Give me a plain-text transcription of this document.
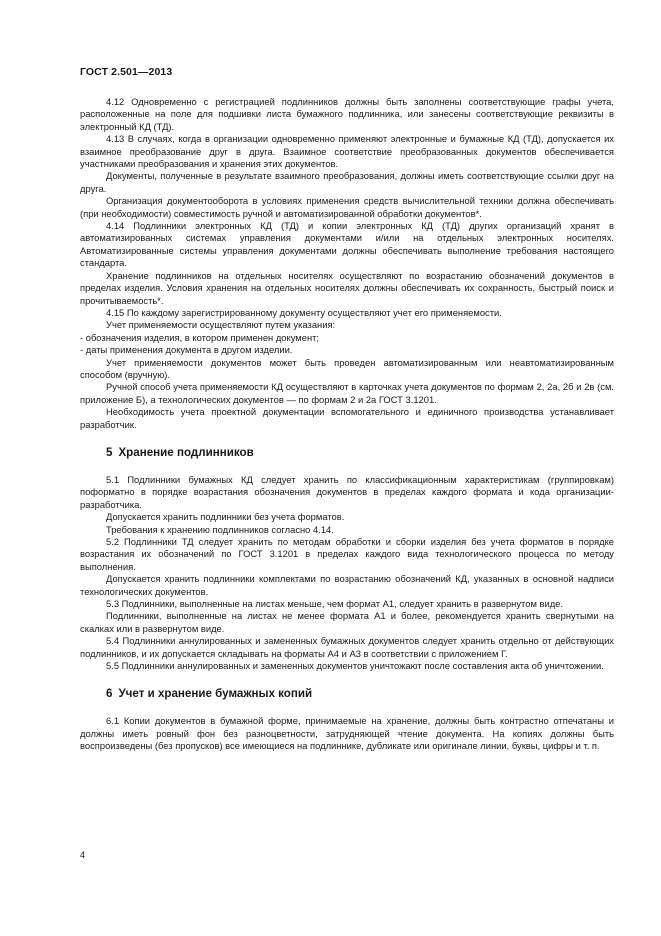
ГОСТ 2.501—2013

4.12 Одновременно с регистрацией подлинников должны быть заполнены соответствующие графы учета, расположенные на поле для подшивки листа бумажного подлинника, или занесены соответствующие реквизиты в электронный КД (ТД).

4.13 В случаях, когда в организации одновременно применяют электронные и бумажные КД (ТД), допускается их взаимное преобразование друг в друга. Взаимное соответствие преобразованных документов обеспечивается участниками преобразования и хранения этих документов.

Документы, полученные в результате взаимного преобразования, должны иметь соответствующие ссылки друг на друга.

Организация документооборота в условиях применения средств вычислительной техники должна обеспечивать (при необходимости) совместимость ручной и автоматизированной обработки документов*.

4.14 Подлинники электронных КД (ТД) и копии электронных КД (ТД) других организаций хранят в автоматизированных системах управления документами и/или на отдельных электронных носителях. Автоматизированные системы управления документами должны обеспечивать выполнение требования настоящего стандарта.

Хранение подлинников на отдельных носителях осуществляют по возрастанию обозначений документов в пределах изделия. Условия хранения на отдельных носителях должны обеспечивать их сохранность, быстрый поиск и прочитываемость*.

4.15 По каждому зарегистрированному документу осуществляют учет его применяемости.

Учет применяемости осуществляют путем указания:

- обозначения изделия, в котором применен документ;

- даты применения документа в другом изделии.

Учет применяемости документов может быть проведен автоматизированным или неавтоматизированным способом (вручную).

Ручной способ учета применяемости КД осуществляют в карточках учета документов по формам 2, 2а, 2б и 2в (см. приложение Б), а технологических документов — по формам 2 и 2а ГОСТ 3.1201.

Необходимость учета проектной документации вспомогательного и единичного производства устанавливает разработчик.

5 Хранение подлинников

5.1 Подлинники бумажных КД следует хранить по классификационным характеристикам (группировкам) поформатно в порядке возрастания обозначения документов в пределах каждого формата и кода организации-разработчика.

Допускается хранить подлинники без учета форматов.

Требования к хранению подлинников согласно 4.14.

5.2 Подлинники ТД следует хранить по методам обработки и сборки изделия без учета форматов в порядке возрастания их обозначений по ГОСТ 3.1201 в пределах каждого вида технологического процесса по методу выполнения.

Допускается хранить подлинники комплектами по возрастанию обозначений КД, указанных в основной надписи технологических документов.

5.3 Подлинники, выполненные на листах меньше, чем формат А1, следует хранить в развернутом виде.

Подлинники, выполненные на листах не менее формата А1 и более, рекомендуется хранить свернутыми на скалках или в развернутом виде.

5.4 Подлинники аннулированных и замененных бумажных документов следует хранить отдельно от действующих подлинников, и их допускается складывать на форматы А4 и А3 в соответствии с приложением Г.

5.5 Подлинники аннулированных и замененных документов уничтожают после составления акта об уничтожении.

6 Учет и хранение бумажных копий

6.1 Копии документов в бумажной форме, принимаемые на хранение, должны быть контрастно отпечатаны и должны иметь ровный фон без разноцветности, затрудняющей чтение документа. На копиях должны быть воспроизведены (без пропусков) все имеющиеся на подлиннике, дубликате или оригинале линии, буквы, цифры и т. п.

4
